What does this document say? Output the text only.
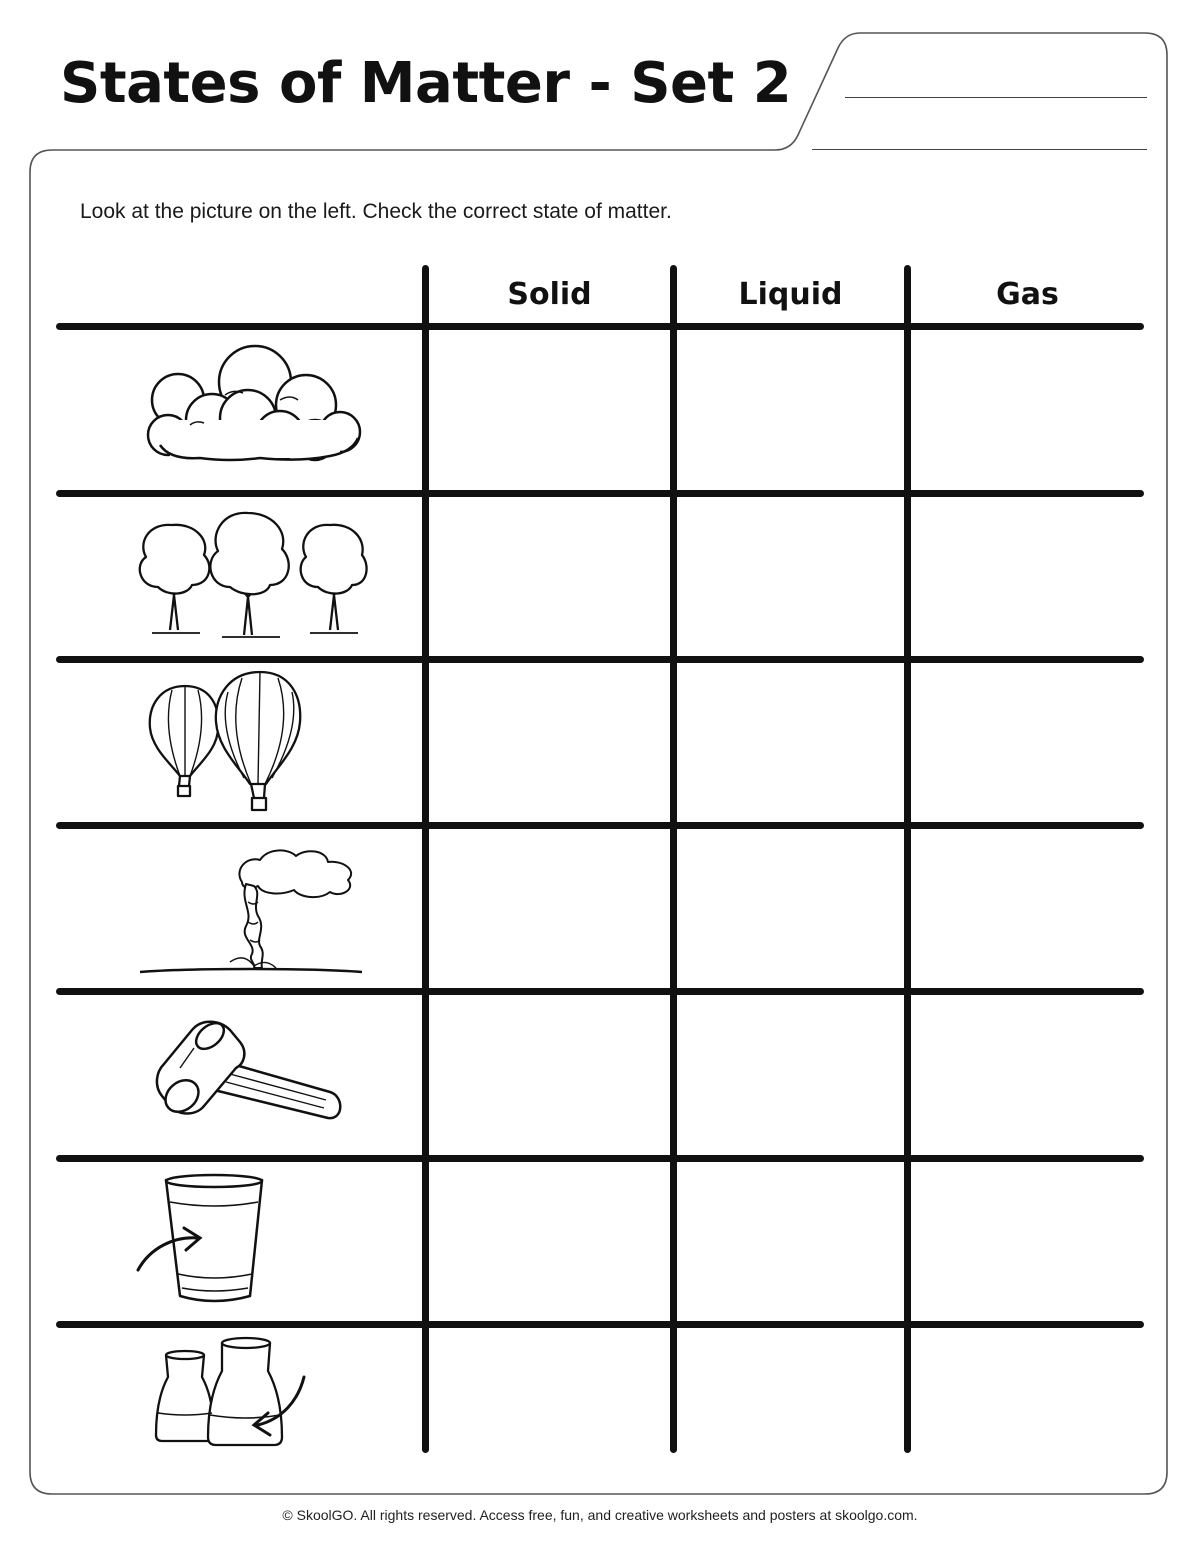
States of Matter - Set 2

Look at the picture on the left. Check the correct state of matter.

Solid	Liquid	Gas

© SkoolGO. All rights reserved. Access free, fun, and creative worksheets and posters at skoolgo.com.
